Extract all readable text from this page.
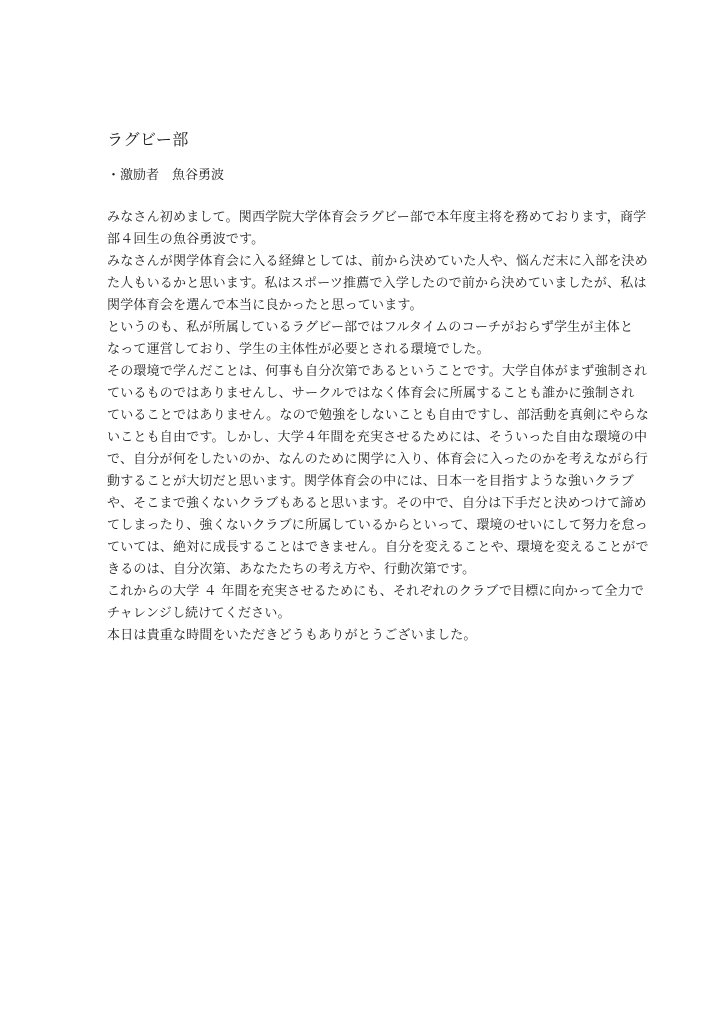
ラグビー部
・激励者　魚谷勇波
みなさん初めまして。関西学院大学体育会ラグビー部で本年度主将を務めております，商学
部４回生の魚谷勇波です。
みなさんが関学体育会に入る経緯としては、前から決めていた人や、悩んだ末に入部を決め
た人もいるかと思います。私はスポーツ推薦で入学したので前から決めていましたが、私は
関学体育会を選んで本当に良かったと思っています。
というのも、私が所属しているラグビー部ではフルタイムのコーチがおらず学生が主体と
なって運営しており、学生の主体性が必要とされる環境でした。
その環境で学んだことは、何事も自分次第であるということです。大学自体がまず強制され
ているものではありませんし、サークルではなく体育会に所属することも誰かに強制され
ていることではありません。なので勉強をしないことも自由ですし、部活動を真剣にやらな
いことも自由です。しかし、大学４年間を充実させるためには、そういった自由な環境の中
で、自分が何をしたいのか、なんのために関学に入り、体育会に入ったのかを考えながら行
動することが大切だと思います。関学体育会の中には、日本一を目指すような強いクラブ
や、そこまで強くないクラブもあると思います。その中で、自分は下手だと決めつけて諦め
てしまったり、強くないクラブに所属しているからといって、環境のせいにして努力を怠っ
ていては、絶対に成長することはできません。自分を変えることや、環境を変えることがで
きるのは、自分次第、あなたたちの考え方や、行動次第です。
これからの大学 ４ 年間を充実させるためにも、それぞれのクラブで目標に向かって全力で
チャレンジし続けてください。
本日は貴重な時間をいただきどうもありがとうございました。
